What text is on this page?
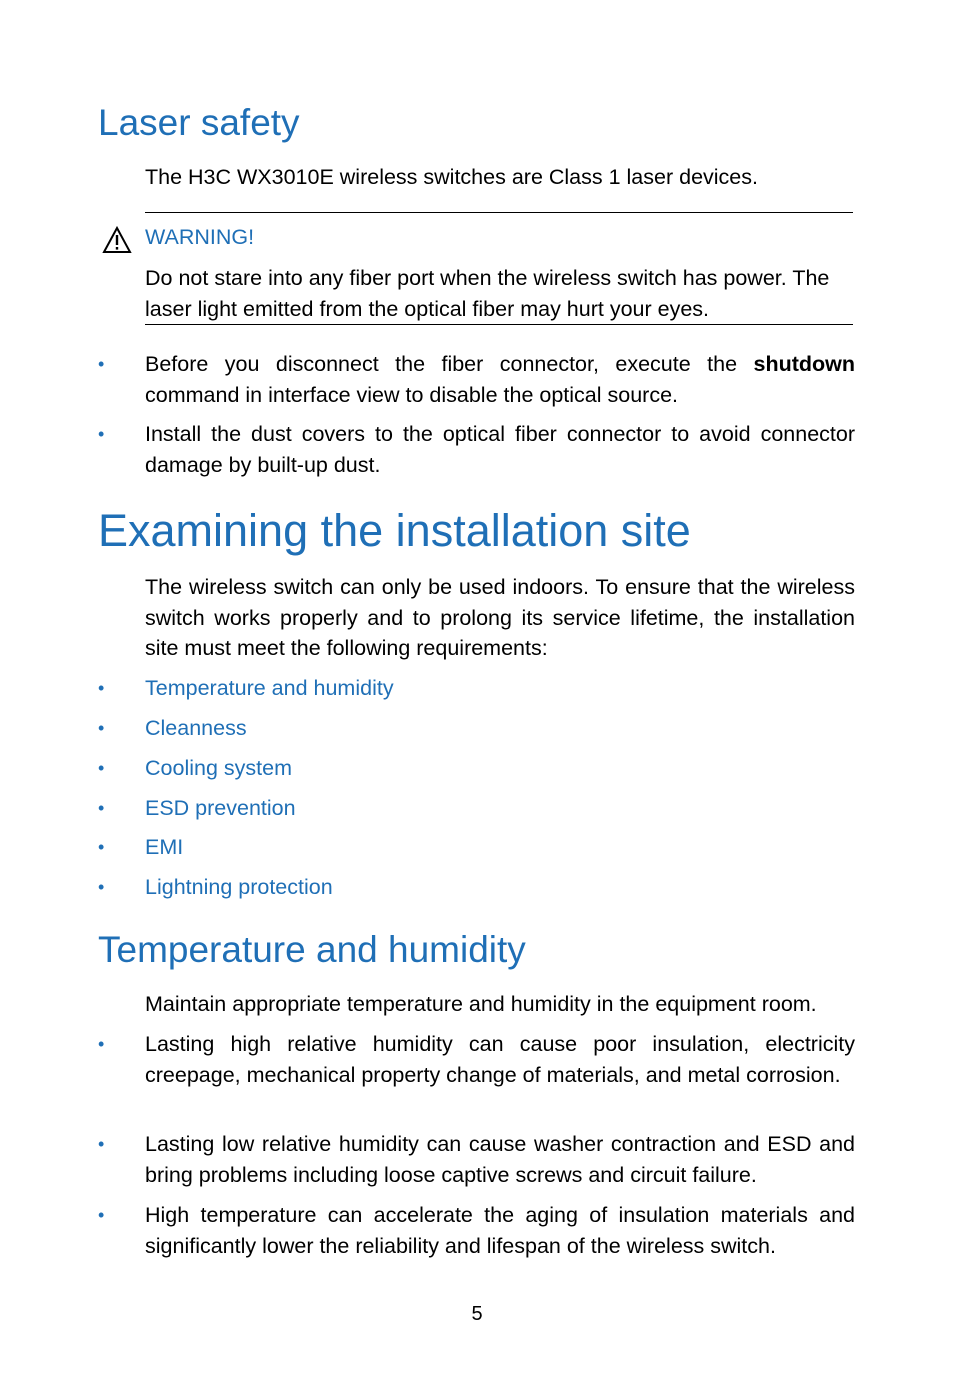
Laser safety

The H3C WX3010E wireless switches are Class 1 laser devices.

WARNING!

Do not stare into any fiber port when the wireless switch has power. The laser light emitted from the optical fiber may hurt your eyes.

•	Before you disconnect the fiber connector, execute the shutdown command in interface view to disable the optical source.
•	Install the dust covers to the optical fiber connector to avoid connector damage by built-up dust.
Examining the installation site

The wireless switch can only be used indoors. To ensure that the wireless switch works properly and to prolong its service lifetime, the installation site must meet the following requirements:

•	Temperature and humidity
•	Cleanness
•	Cooling system
•	ESD prevention
•	EMI
•	Lightning protection
Temperature and humidity

Maintain appropriate temperature and humidity in the equipment room.

•	Lasting high relative humidity can cause poor insulation, electricity creepage, mechanical property change of materials, and metal corrosion.
•	Lasting low relative humidity can cause washer contraction and ESD and bring problems including loose captive screws and circuit failure.
•	High temperature can accelerate the aging of insulation materials and significantly lower the reliability and lifespan of the wireless switch.
5
